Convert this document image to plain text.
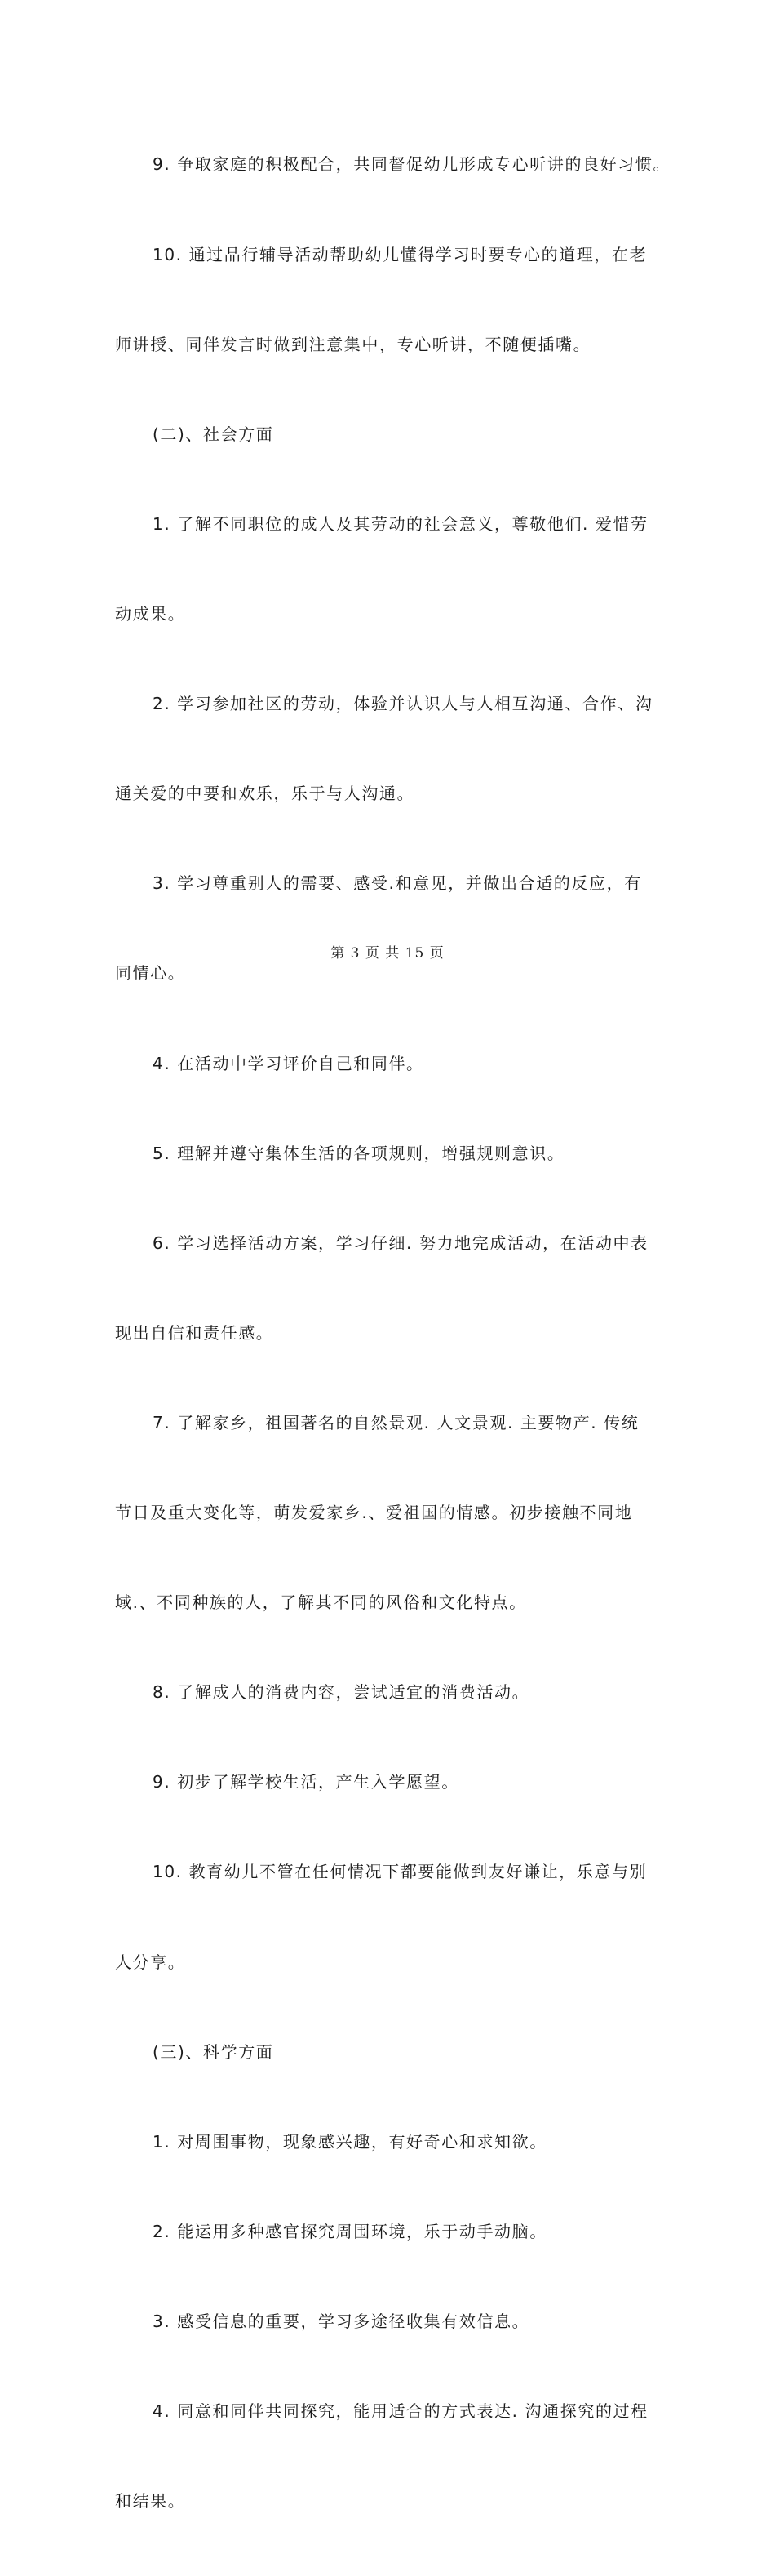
9. 争取家庭的积极配合，共同督促幼儿形成专心听讲的良好习惯。

10. 通过品行辅导活动帮助幼儿懂得学习时要专心的道理，在老

师讲授、同伴发言时做到注意集中，专心听讲，不随便插嘴。

(二)、社会方面

1. 了解不同职位的成人及其劳动的社会意义，尊敬他们. 爱惜劳

动成果。

2. 学习参加社区的劳动，体验并认识人与人相互沟通、合作、沟

通关爱的中要和欢乐，乐于与人沟通。

3. 学习尊重别人的需要、感受.和意见，并做出合适的反应，有

同情心。

4. 在活动中学习评价自己和同伴。

5. 理解并遵守集体生活的各项规则，增强规则意识。

6. 学习选择活动方案，学习仔细. 努力地完成活动，在活动中表

现出自信和责任感。

7. 了解家乡，祖国著名的自然景观. 人文景观. 主要物产. 传统

节日及重大变化等，萌发爱家乡.、爱祖国的情感。初步接触不同地

域.、不同种族的人，了解其不同的风俗和文化特点。

8. 了解成人的消费内容，尝试适宜的消费活动。

9. 初步了解学校生活，产生入学愿望。

10. 教育幼儿不管在任何情况下都要能做到友好谦让，乐意与别

人分享。

(三)、科学方面

1. 对周围事物，现象感兴趣，有好奇心和求知欲。

2. 能运用多种感官探究周围环境，乐于动手动脑。

3. 感受信息的重要，学习多途径收集有效信息。

4. 同意和同伴共同探究，能用适合的方式表达. 沟通探究的过程

和结果。

第 3 页 共 15 页
